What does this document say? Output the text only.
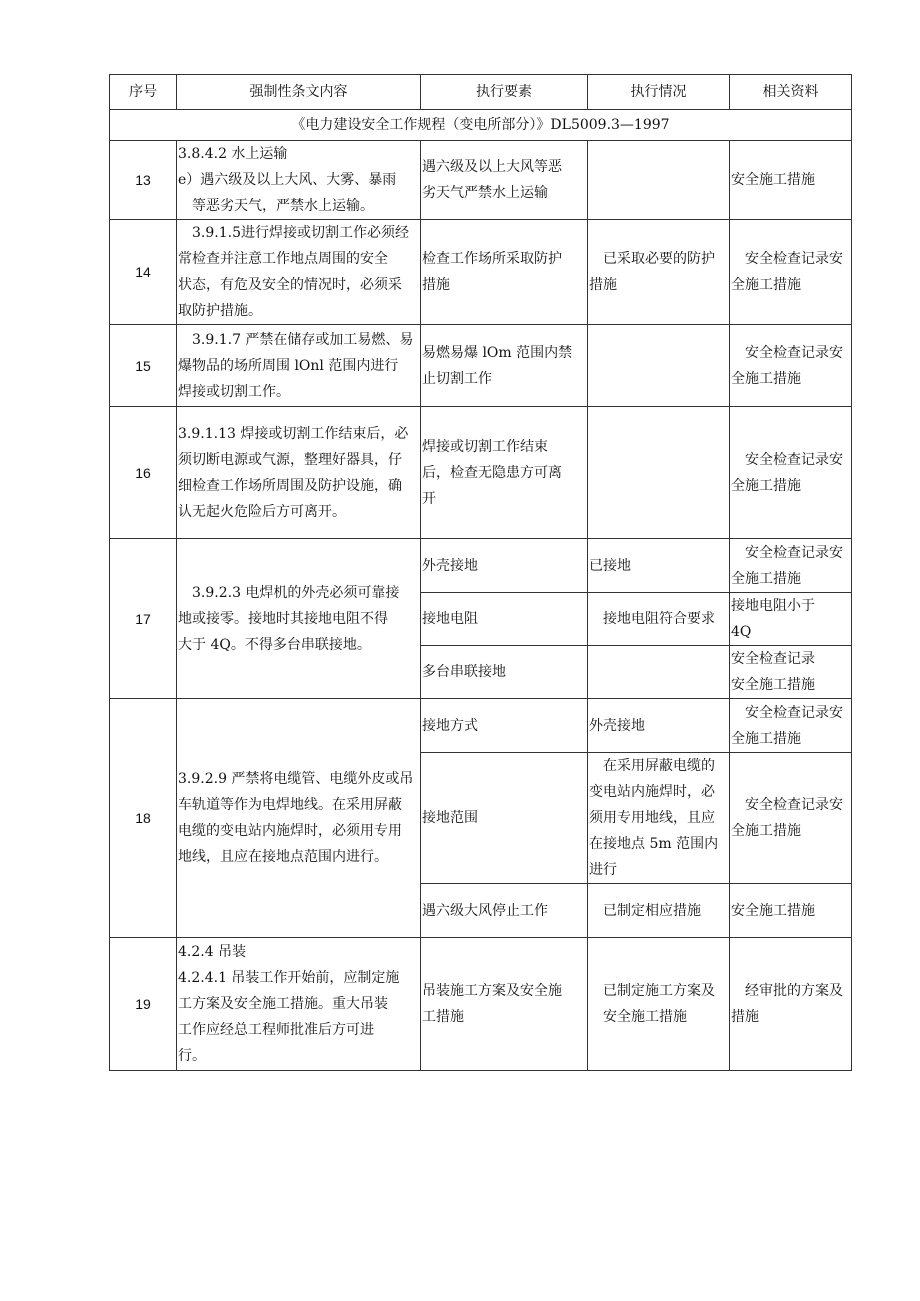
序号	强制性条文内容	执行要素	执行情况	相关资料
《电力建设安全工作规程（变电所部分）》DL5009.3—1997				
13	3.8.4.2 水上运输
e）遇六级及以上大风、大雾、暴雨
等恶劣天气，严禁水上运输。	遇六级及以上大风等恶
劣天气严禁水上运输		安全施工措施

14	3.9.1.5进行焊接或切割工作必须经
常检查并注意工作地点周围的安全
状态，有危及安全的情况时，必须采
取防护措施。	检查工作场所采取防护
措施	已采取必要的防护
措施	安全检查记录安
全施工措施

15	3.9.1.7 严禁在储存或加工易燃、易
爆物品的场所周围 lOnl 范围内进行
焊接或切割工作。	易燃易爆 lOm 范围内禁
止切割工作		安全检查记录安
全施工措施

16	3.9.1.13 焊接或切割工作结束后，必
须切断电源或气源，整理好器具，仔
细检查工作场所周围及防护设施，确
认无起火危险后方可离开。	焊接或切割工作结束
后，检查无隐患方可离
开		安全检查记录安
全施工措施

17	3.9.2.3 电焊机的外壳必须可靠接
地或接零。接地时其接地电阻不得
大于 4Q。不得多台串联接地。	外壳接地	已接地	安全检查记录安
全施工措施

		接地电阻	接地电阻符合要求	接地电阻小于
4Q

		多台串联接地		安全检查记录
安全施工措施

18	3.9.2.9 严禁将电缆管、电缆外皮或吊
车轨道等作为电焊地线。在采用屏蔽
电缆的变电站内施焊时，必须用专用
地线，且应在接地点范围内进行。	接地方式	外壳接地	安全检查记录安
全施工措施

		接地范围	在采用屏蔽电缆的
变电站内施焊时，必
须用专用地线，且应
在接地点 5m 范围内
进行	安全检查记录安
全施工措施

		遇六级大风停止工作	已制定相应措施	安全施工措施

19	4.2.4 吊装
4.2.4.1 吊装工作开始前，应制定施
工方案及安全施工措施。重大吊装
工作应经总工程师批准后方可进
行。	吊装施工方案及安全施
工措施	已制定施工方案及
安全施工措施	经审批的方案及
措施
